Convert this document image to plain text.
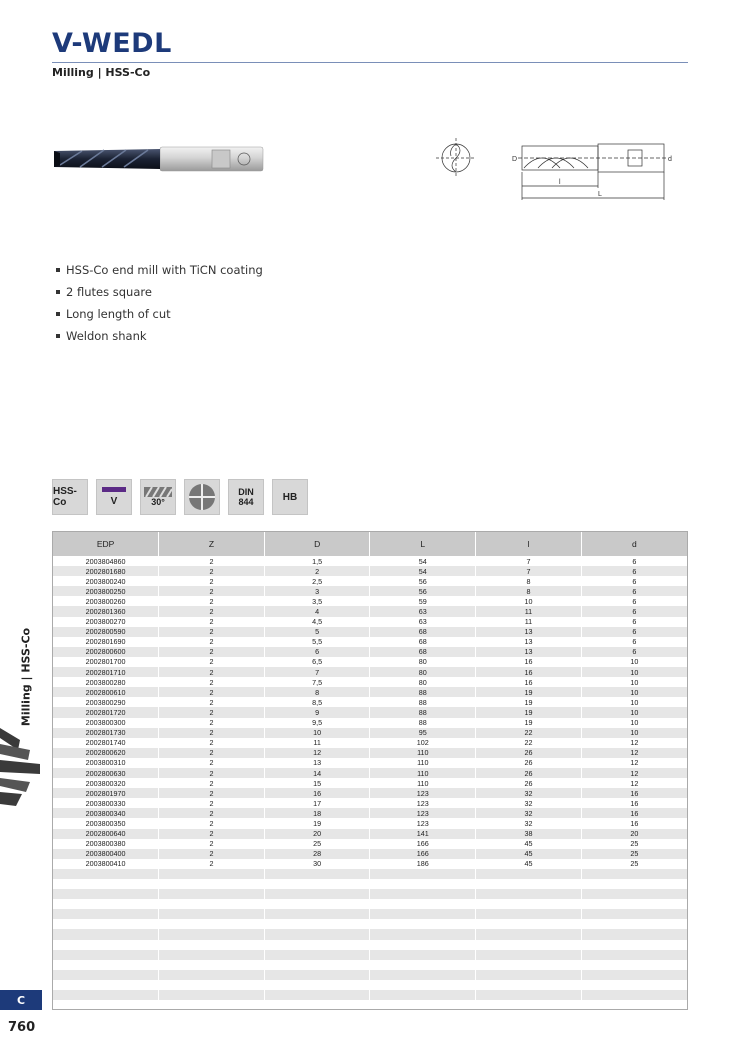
V-WEDL
Milling | HSS-Co
D	d
l
L
HSS-Co end mill with TiCN coating
2 flutes square
Long length of cut
Weldon shank
HSS-Co	V	30°
DIN
844	HB
EDP	Z	D	L	l	d
2003804860	2	1,5	54	7	6
2002801680	2	2	54	7	6
2003800240	2	2,5	56	8	6
2003800250	2	3	56	8	6
2003800260	2	3,5	59	10	6
2002801360	2	4	63	11	6
2003800270	2	4,5	63	11	6
2002800590	2	5	68	13	6
2002801690	2	5,5	68	13	6
2002800600	2	6	68	13	6
2002801700	2	6,5	80	16	10
2002801710	2	7	80	16	10
2003800280	2	7,5	80	16	10
2002800610	2	8	88	19	10
2003800290	2	8,5	88	19	10
2002801720	2	9	88	19	10
2003800300	2	9,5	88	19	10
2002801730	2	10	95	22	10
2002801740	2	11	102	22	12
2002800620	2	12	110	26	12
2003800310	2	13	110	26	12
2002800630	2	14	110	26	12
2003800320	2	15	110	26	12
2002801970	2	16	123	32	16
2003800330	2	17	123	32	16
2003800340	2	18	123	32	16
2003800350	2	19	123	32	16
2002800640	2	20	141	38	20
2003800380	2	25	166	45	25
2003800400	2	28	166	45	25
2003800410	2	30	186	45	25

Milling | HSS-Co
C
760
